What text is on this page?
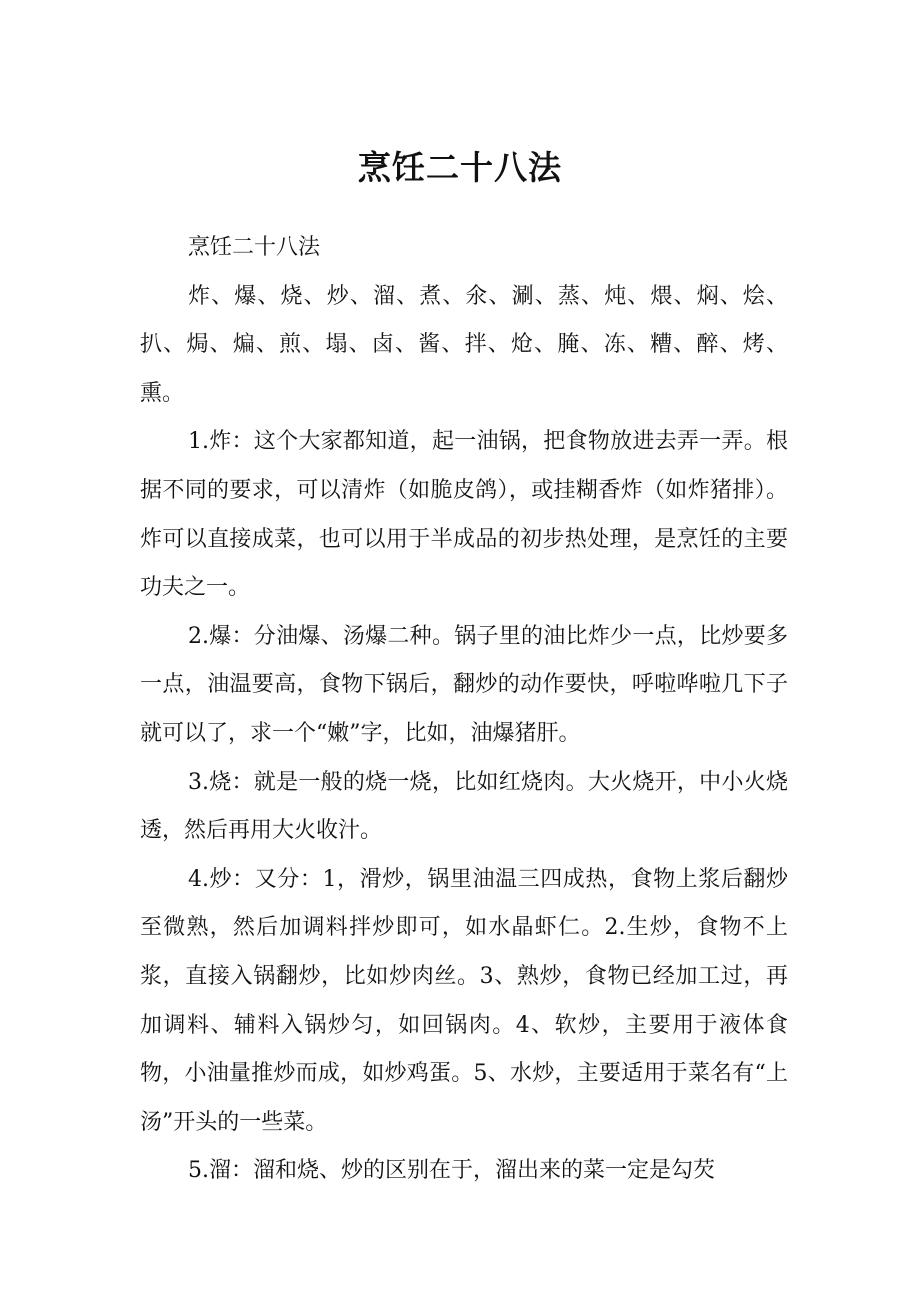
烹饪二十八法

烹饪二十八法

炸、爆、烧、炒、溜、煮、氽、涮、蒸、炖、煨、焖、烩、扒、焗、煸、煎、塌、卤、酱、拌、炝、腌、冻、糟、醉、烤、熏。

1.炸：这个大家都知道，起一油锅，把食物放进去弄一弄。根据不同的要求，可以清炸（如脆皮鸽），或挂糊香炸（如炸猪排）。炸可以直接成菜，也可以用于半成品的初步热处理，是烹饪的主要功夫之一。

2.爆：分油爆、汤爆二种。锅子里的油比炸少一点，比炒要多一点，油温要高，食物下锅后，翻炒的动作要快，呼啦哗啦几下子就可以了，求一个“嫩”字，比如，油爆猪肝。

3.烧：就是一般的烧一烧，比如红烧肉。大火烧开，中小火烧透，然后再用大火收汁。

4.炒：又分：1，滑炒，锅里油温三四成热，食物上浆后翻炒至微熟，然后加调料拌炒即可，如水晶虾仁。2.生炒，食物不上浆，直接入锅翻炒，比如炒肉丝。3、熟炒，食物已经加工过，再加调料、辅料入锅炒匀，如回锅肉。4、软炒，主要用于液体食物，小油量推炒而成，如炒鸡蛋。5、水炒，主要适用于菜名有“上汤”开头的一些菜。

5.溜：溜和烧、炒的区别在于，溜出来的菜一定是勾芡
